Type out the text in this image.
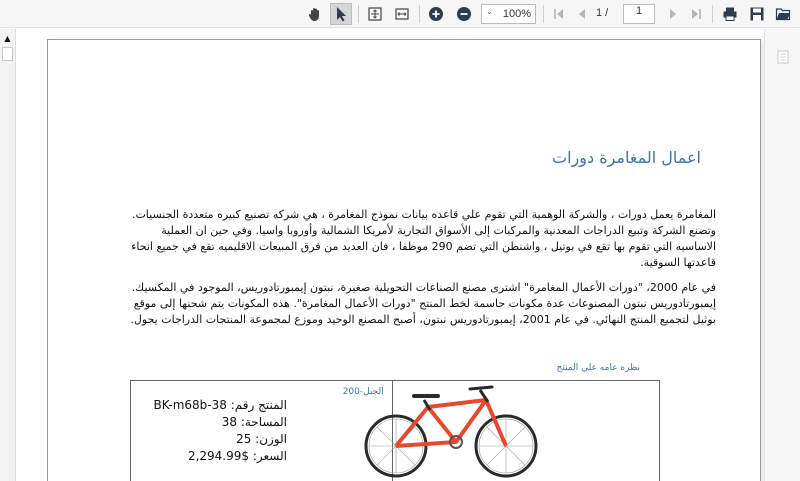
⌄ 100%	1 /	1
▲
اعمال المغامرة دورات
المغامرة يعمل دورات ، والشركة الوهمية التي تقوم علي قاعده بيانات نموذج المغامرة ، هي شركه تصنيع كبيره متعددة الجنسيات. وتصنع الشركة وتبيع الدراجات المعدنية والمركبات إلى الأسواق التجارية لأمريكا الشمالية وأوروبا واسيا. وفي حين ان العملية الاساسيه التي تقوم بها تقع في بوتيل ، واشنطن التي تضم 290 موظفا ، فان العديد من فرق المبيعات الاقليميه تقع في جميع انحاء قاعدتها السوقية.
في عام 2000، "دورات الأعمال المغامرة" اشترى مصنع الصناعات التحويلية صغيرة، نبتون إيمبورتادوريس، الموجود في المكسيك. إيمبورتادوريس نبتون المصنوعات عدة مكونات حاسمة لخط المنتج "دورات الأعمال المغامرة". هذه المكونات يتم شحنها إلى موقع بوثيل لتجميع المنتج النهائي. في عام 2001، إيمبورتادوريس نبتون، أصبح المصنع الوحيد وموزع لمجموعة المنتجات الدراجات يجول.
نظره عامه علي المنتج
الجبل-200
المنتج رقم: BK-m68b-38
المساحة: 38
الوزن: 25
السعر: $2,294.99
